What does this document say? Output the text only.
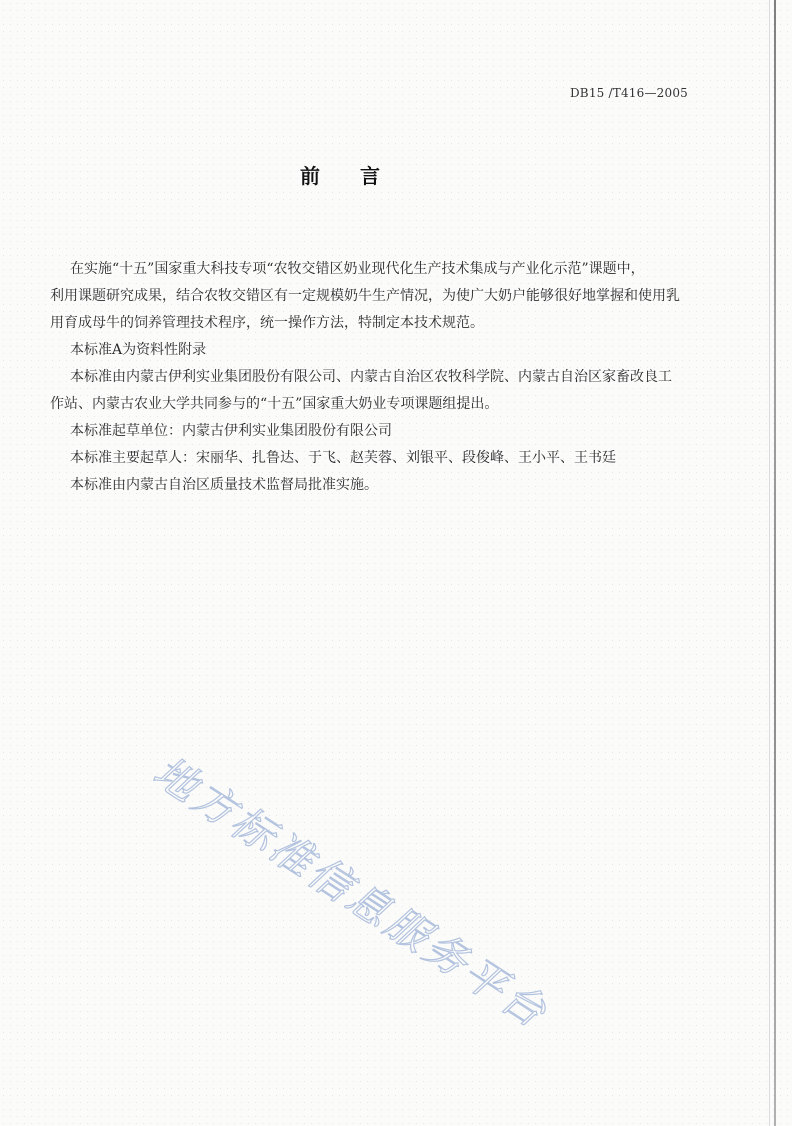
DB15 /T416—2005
前言

在实施“十五”国家重大科技专项“农牧交错区奶业现代化生产技术集成与产业化示范”课题中，

利用课题研究成果，结合农牧交错区有一定规模奶牛生产情况，为使广大奶户能够很好地掌握和使用乳

用育成母牛的饲养管理技术程序，统一操作方法，特制定本技术规范。

本标准A为资料性附录

本标准由内蒙古伊利实业集团股份有限公司、内蒙古自治区农牧科学院、内蒙古自治区家畜改良工

作站、内蒙古农业大学共同参与的“十五”国家重大奶业专项课题组提出。

本标准起草单位：内蒙古伊利实业集团股份有限公司

本标准主要起草人：宋丽华、扎鲁达、于飞、赵芙蓉、刘银平、段俊峰、王小平、王书廷

本标准由内蒙古自治区质量技术监督局批准实施。

地方标准信息服务平台
